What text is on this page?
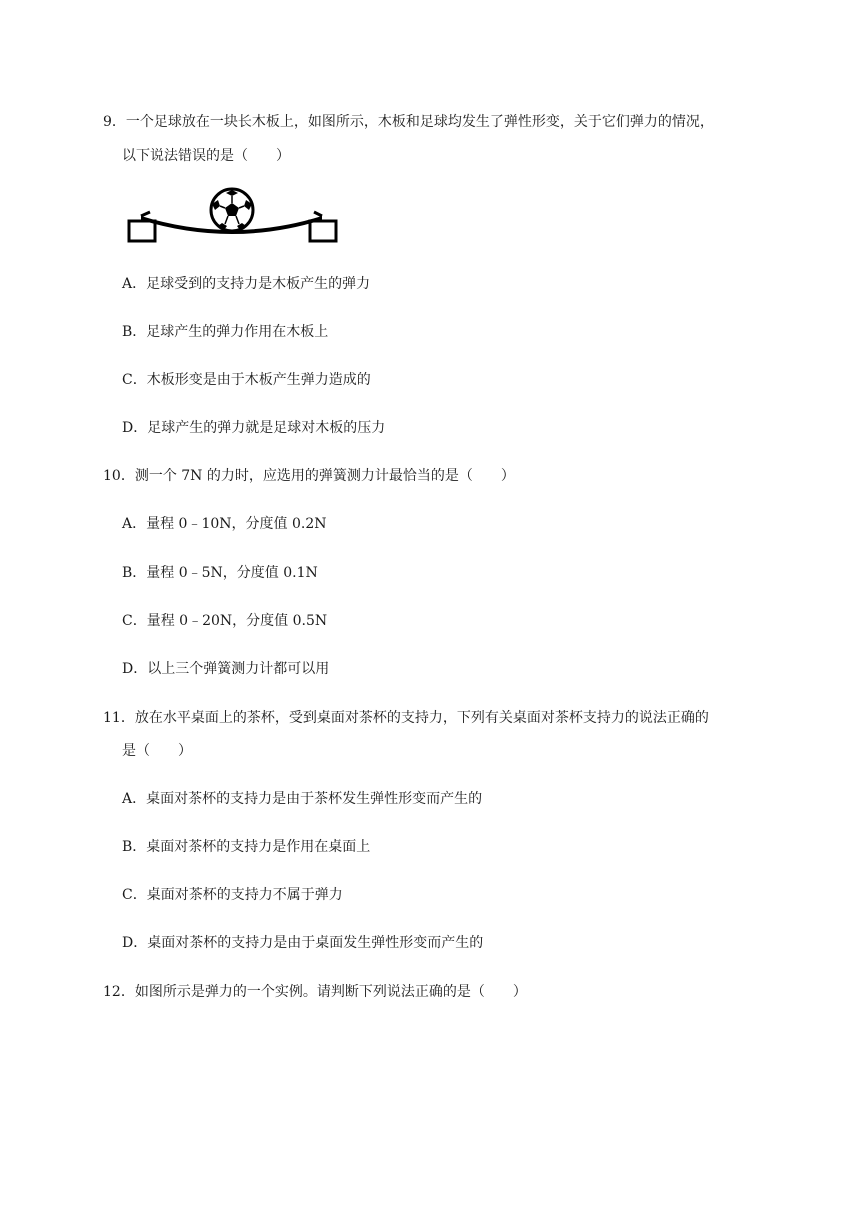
9．一个足球放在一块长木板上，如图所示，木板和足球均发生了弹性形变，关于它们弹力的情况，
以下说法错误的是（　　）
A．足球受到的支持力是木板产生的弹力
B．足球产生的弹力作用在木板上
C．木板形变是由于木板产生弹力造成的
D．足球产生的弹力就是足球对木板的压力
10．测一个 7N 的力时，应选用的弹簧测力计最恰当的是（　　）
A．量程 0﹣10N，分度值 0.2N
B．量程 0﹣5N，分度值 0.1N
C．量程 0﹣20N，分度值 0.5N
D．以上三个弹簧测力计都可以用
11．放在水平桌面上的茶杯，受到桌面对茶杯的支持力，下列有关桌面对茶杯支持力的说法正确的
是（　　）
A．桌面对茶杯的支持力是由于茶杯发生弹性形变而产生的
B．桌面对茶杯的支持力是作用在桌面上
C．桌面对茶杯的支持力不属于弹力
D．桌面对茶杯的支持力是由于桌面发生弹性形变而产生的
12．如图所示是弹力的一个实例。请判断下列说法正确的是（　　）
